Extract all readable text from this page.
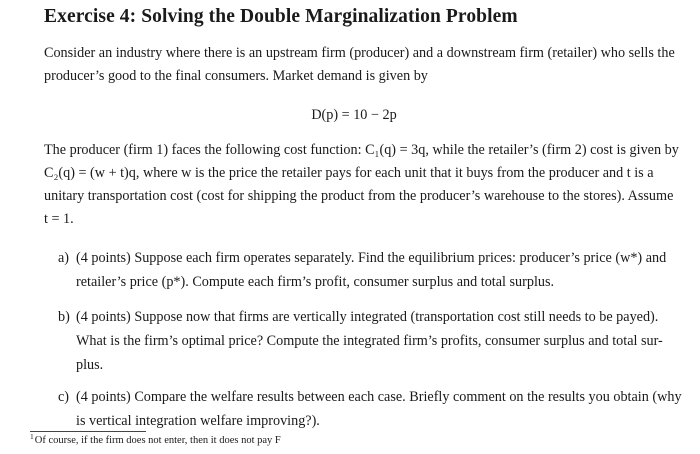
Exercise 4: Solving the Double Marginalization Problem
Consider an industry where there is an upstream firm (producer) and a downstream firm (retailer) who sells the
producer’s good to the final consumers. Market demand is given by
D(p) = 10 − 2p
The producer (firm 1) faces the following cost function: C₁(q) = 3q, while the retailer’s (firm 2) cost is given by
C₂(q) = (w + t)q, where w is the price the retailer pays for each unit that it buys from the producer and t is a
unitary transportation cost (cost for shipping the product from the producer’s warehouse to the stores). Assume
t = 1.
a) (4 points) Suppose each firm operates separately. Find the equilibrium prices: producer’s price (w*) and
retailer’s price (p*). Compute each firm’s profit, consumer surplus and total surplus.
b) (4 points) Suppose now that firms are vertically integrated (transportation cost still needs to be payed).
What is the firm’s optimal price? Compute the integrated firm’s profits, consumer surplus and total sur-
plus.
c) (4 points) Compare the welfare results between each case. Briefly comment on the results you obtain (why
is vertical integration welfare improving?).
$^1$Of course, if the firm does not enter, then it does not pay F
